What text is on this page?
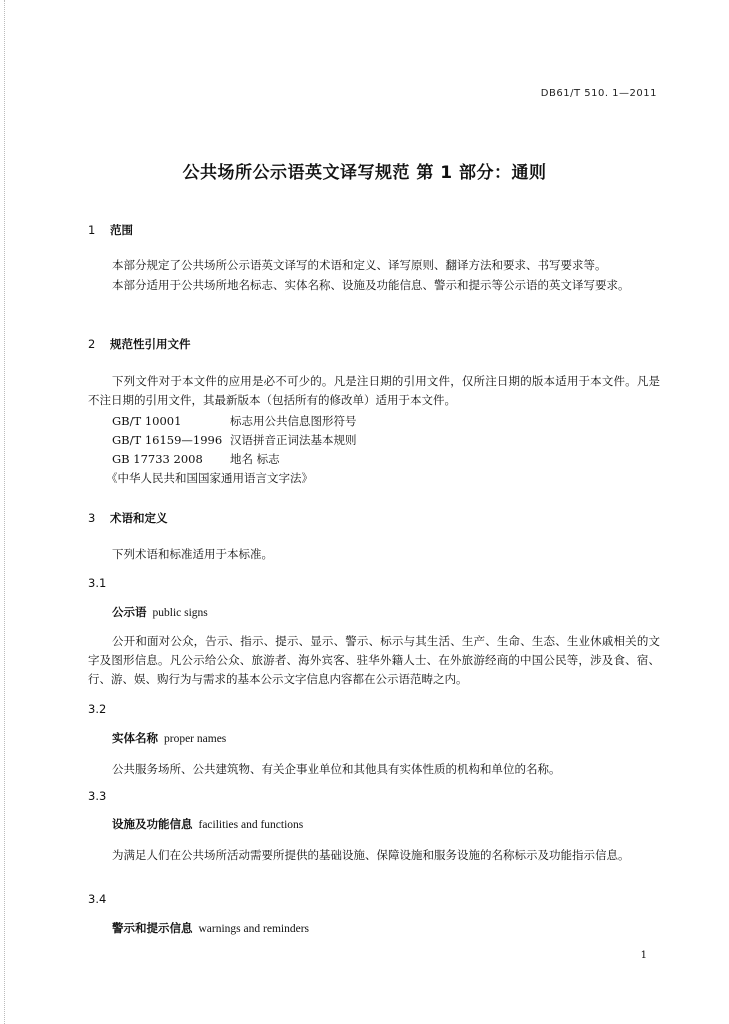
DB61/T 510. 1—2011
公共场所公示语英文译写规范 第 1 部分：通则
1 范围
本部分规定了公共场所公示语英文译写的术语和定义、译写原则、翻译方法和要求、书写要求等。
本部分适用于公共场所地名标志、实体名称、设施及功能信息、警示和提示等公示语的英文译写要求。
2 规范性引用文件
下列文件对于本文件的应用是必不可少的。凡是注日期的引用文件，仅所注日期的版本适用于本文件。凡是不注日期的引用文件，其最新版本（包括所有的修改单）适用于本文件。
GB/T 10001	标志用公共信息图形符号
GB/T 16159—1996 汉语拼音正词法基本规则
GB 17733 2008 地名 标志
《中华人民共和国国家通用语言文字法》
3 术语和定义
下列术语和标准适用于本标准。
3.1
公示语 public signs
公开和面对公众，告示、指示、提示、显示、警示、标示与其生活、生产、生命、生态、生业休戚相关的文字及图形信息。凡公示给公众、旅游者、海外宾客、驻华外籍人士、在外旅游经商的中国公民等，涉及食、宿、行、游、娱、购行为与需求的基本公示文字信息内容都在公示语范畴之内。
3.2
实体名称 proper names
公共服务场所、公共建筑物、有关企事业单位和其他具有实体性质的机构和单位的名称。
3.3
设施及功能信息 facilities and functions
为满足人们在公共场所活动需要所提供的基础设施、保障设施和服务设施的名称标示及功能指示信息。
3.4
警示和提示信息 warnings and reminders
1
